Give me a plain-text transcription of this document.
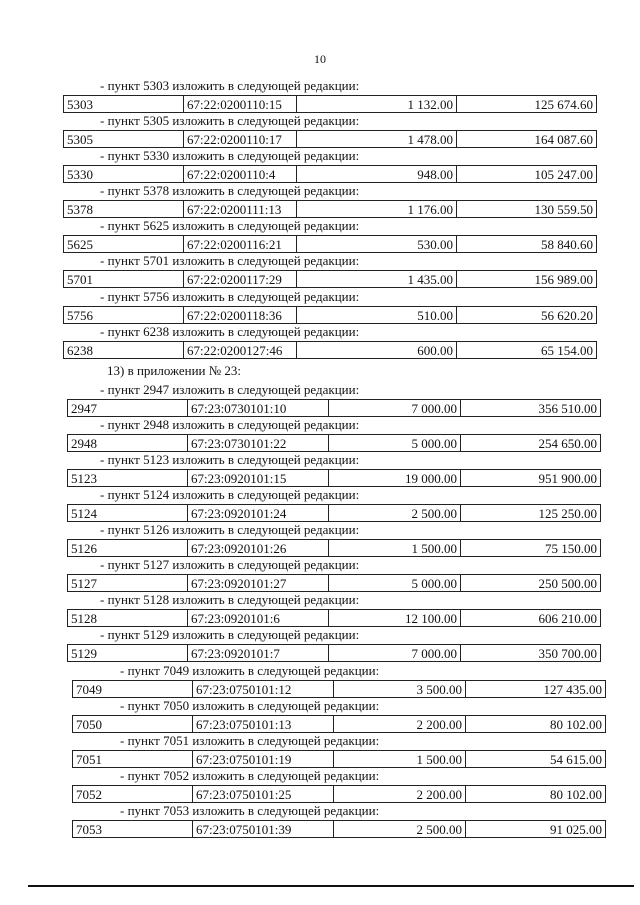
10
- пункт 5303 изложить в следующей редакции:
5303	67:22:0200110:15	1 132.00	125 674.60
- пункт 5305 изложить в следующей редакции:
5305	67:22:0200110:17	1 478.00	164 087.60
- пункт 5330 изложить в следующей редакции:
5330	67:22:0200110:4	948.00	105 247.00
- пункт 5378 изложить в следующей редакции:
5378	67:22:0200111:13	1 176.00	130 559.50
- пункт 5625 изложить в следующей редакции:
5625	67:22:0200116:21	530.00	58 840.60
- пункт 5701 изложить в следующей редакции:
5701	67:22:0200117:29	1 435.00	156 989.00
- пункт 5756 изложить в следующей редакции:
5756	67:22:0200118:36	510.00	56 620.20
- пункт 6238 изложить в следующей редакции:
6238	67:22:0200127:46	600.00	65 154.00
13) в приложении № 23:
- пункт 2947 изложить в следующей редакции:
2947	67:23:0730101:10	7 000.00	356 510.00
- пункт 2948 изложить в следующей редакции:
2948	67:23:0730101:22	5 000.00	254 650.00
- пункт 5123 изложить в следующей редакции:
5123	67:23:0920101:15	19 000.00	951 900.00
- пункт 5124 изложить в следующей редакции:
5124	67:23:0920101:24	2 500.00	125 250.00
- пункт 5126 изложить в следующей редакции:
5126	67:23:0920101:26	1 500.00	75 150.00
- пункт 5127 изложить в следующей редакции:
5127	67:23:0920101:27	5 000.00	250 500.00
- пункт 5128 изложить в следующей редакции:
5128	67:23:0920101:6	12 100.00	606 210.00
- пункт 5129 изложить в следующей редакции:
5129	67:23:0920101:7	7 000.00	350 700.00
- пункт 7049 изложить в следующей редакции:
7049	67:23:0750101:12	3 500.00	127 435.00
- пункт 7050 изложить в следующей редакции:
7050	67:23:0750101:13	2 200.00	80 102.00
- пункт 7051 изложить в следующей редакции:
7051	67:23:0750101:19	1 500.00	54 615.00
- пункт 7052 изложить в следующей редакции:
7052	67:23:0750101:25	2 200.00	80 102.00
- пункт 7053 изложить в следующей редакции:
7053	67:23:0750101:39	2 500.00	91 025.00
